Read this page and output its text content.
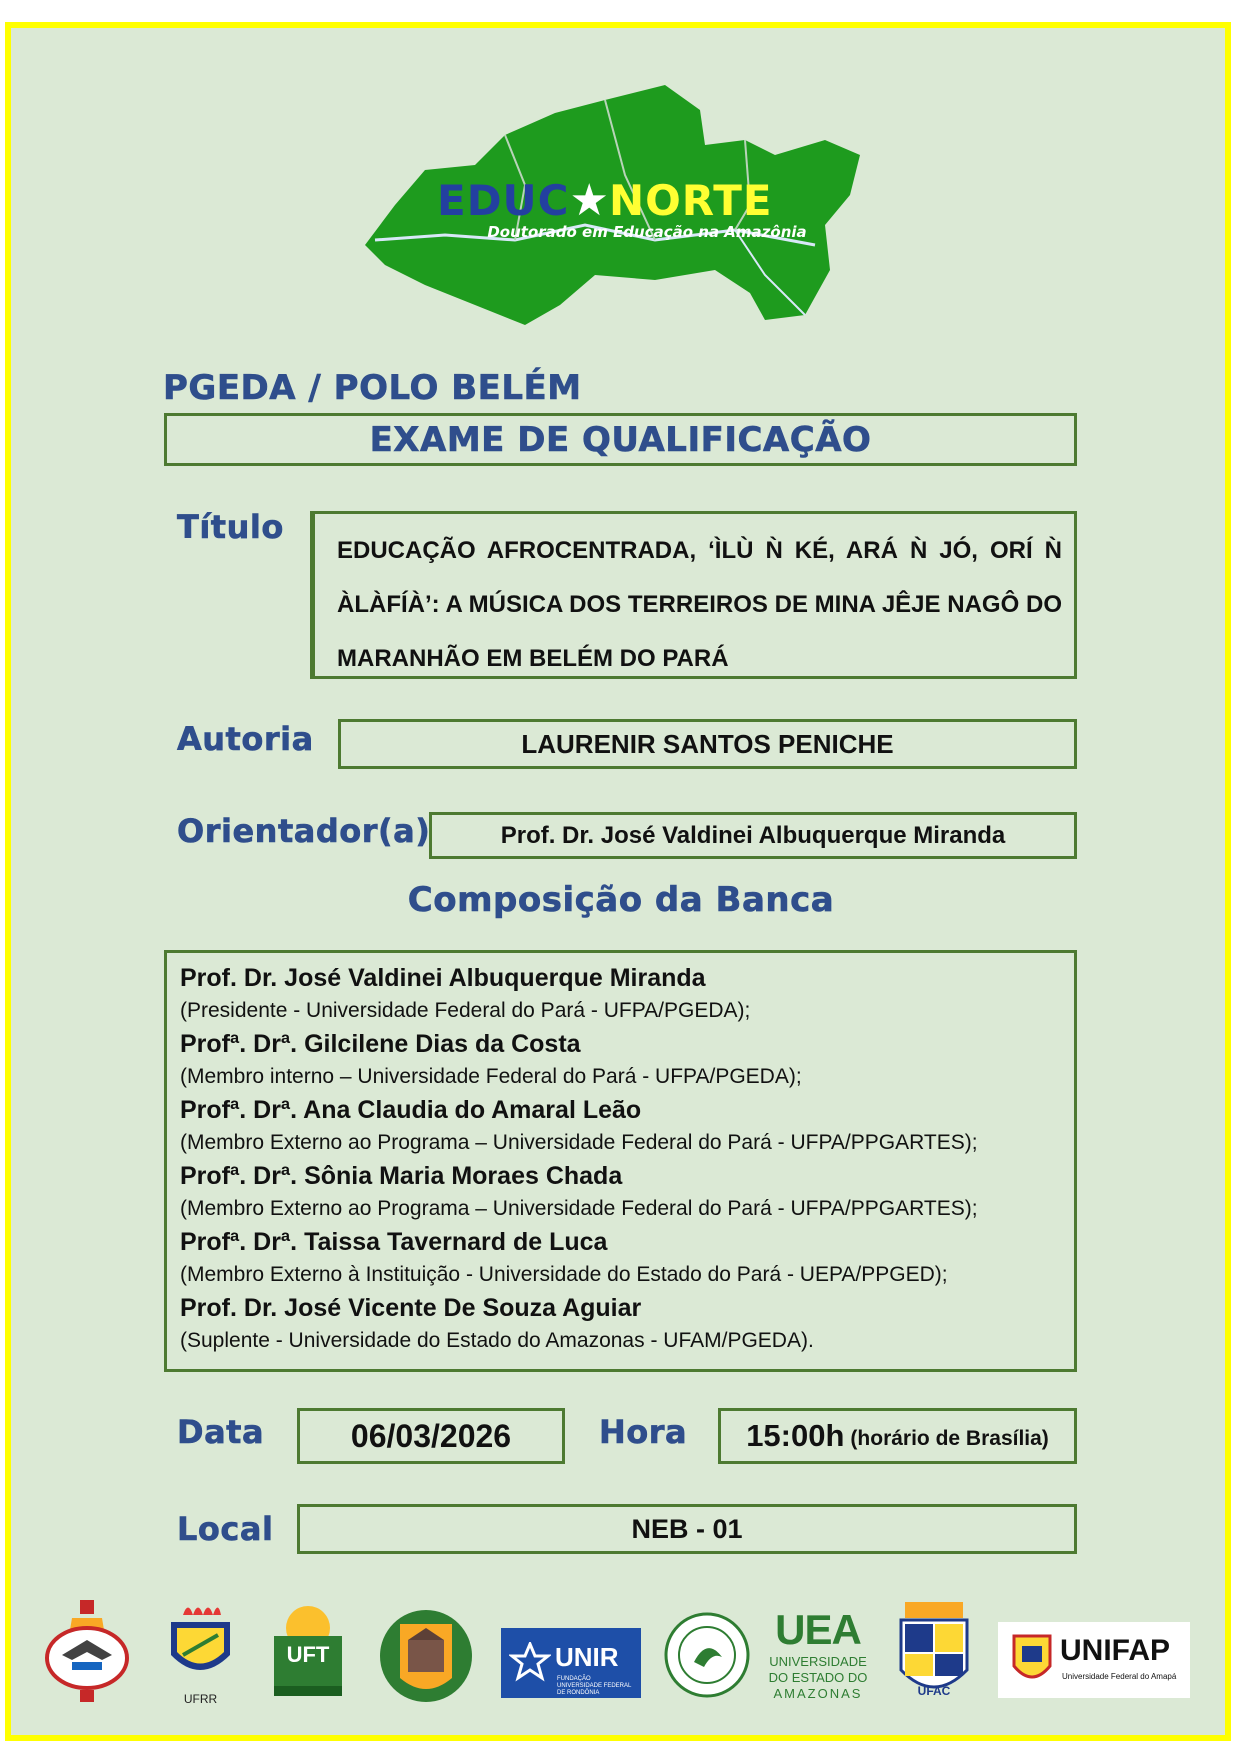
EDUC★NORTE
Doutorado em Educação na Amazônia
PGEDA / POLO BELÉM
EXAME DE QUALIFICAÇÃO
Título

EDUCAÇÃO AFROCENTRADA, ‘ÌLÙ Ǹ KÉ, ARÁ Ǹ JÓ, ORÍ Ǹ ÀLÀFÍÀ’: A MÚSICA DOS TERREIROS DE MINA JÊJE NAGÔ DO MARANHÃO EM BELÉM DO PARÁ

Autoria	LAURENIR SANTOS PENICHE
Orientador(a)	Prof. Dr. José Valdinei Albuquerque Miranda
Composição da Banca
Prof. Dr. José Valdinei Albuquerque Miranda
(Presidente - Universidade Federal do Pará - UFPA/PGEDA);
Profª. Drª. Gilcilene Dias da Costa
(Membro interno – Universidade Federal do Pará - UFPA/PGEDA);
Profª. Drª. Ana Claudia do Amaral Leão
(Membro Externo ao Programa – Universidade Federal do Pará - UFPA/PPGARTES);
Profª. Drª. Sônia Maria Moraes Chada
(Membro Externo ao Programa – Universidade Federal do Pará - UFPA/PPGARTES);
Profª. Drª. Taissa Tavernard de Luca
(Membro Externo à Instituição - Universidade do Estado do Pará - UEPA/PPGED);
Prof. Dr. José Vicente De Souza Aguiar
(Suplente - Universidade do Estado do Amazonas - UFAM/PGEDA).
Data	06/03/2026	Hora 15:00h (horário de Brasília)
Local	NEB - 01
UFRR
UFT	UNIR
FUNDAÇÃO UNIVERSIDADE FEDERAL DE RONDÔNIA
UEA
UNIVERSIDADE
DO ESTADO DO
AMAZONAS	UFAC
UNIFAP
Universidade Federal do Amapá
